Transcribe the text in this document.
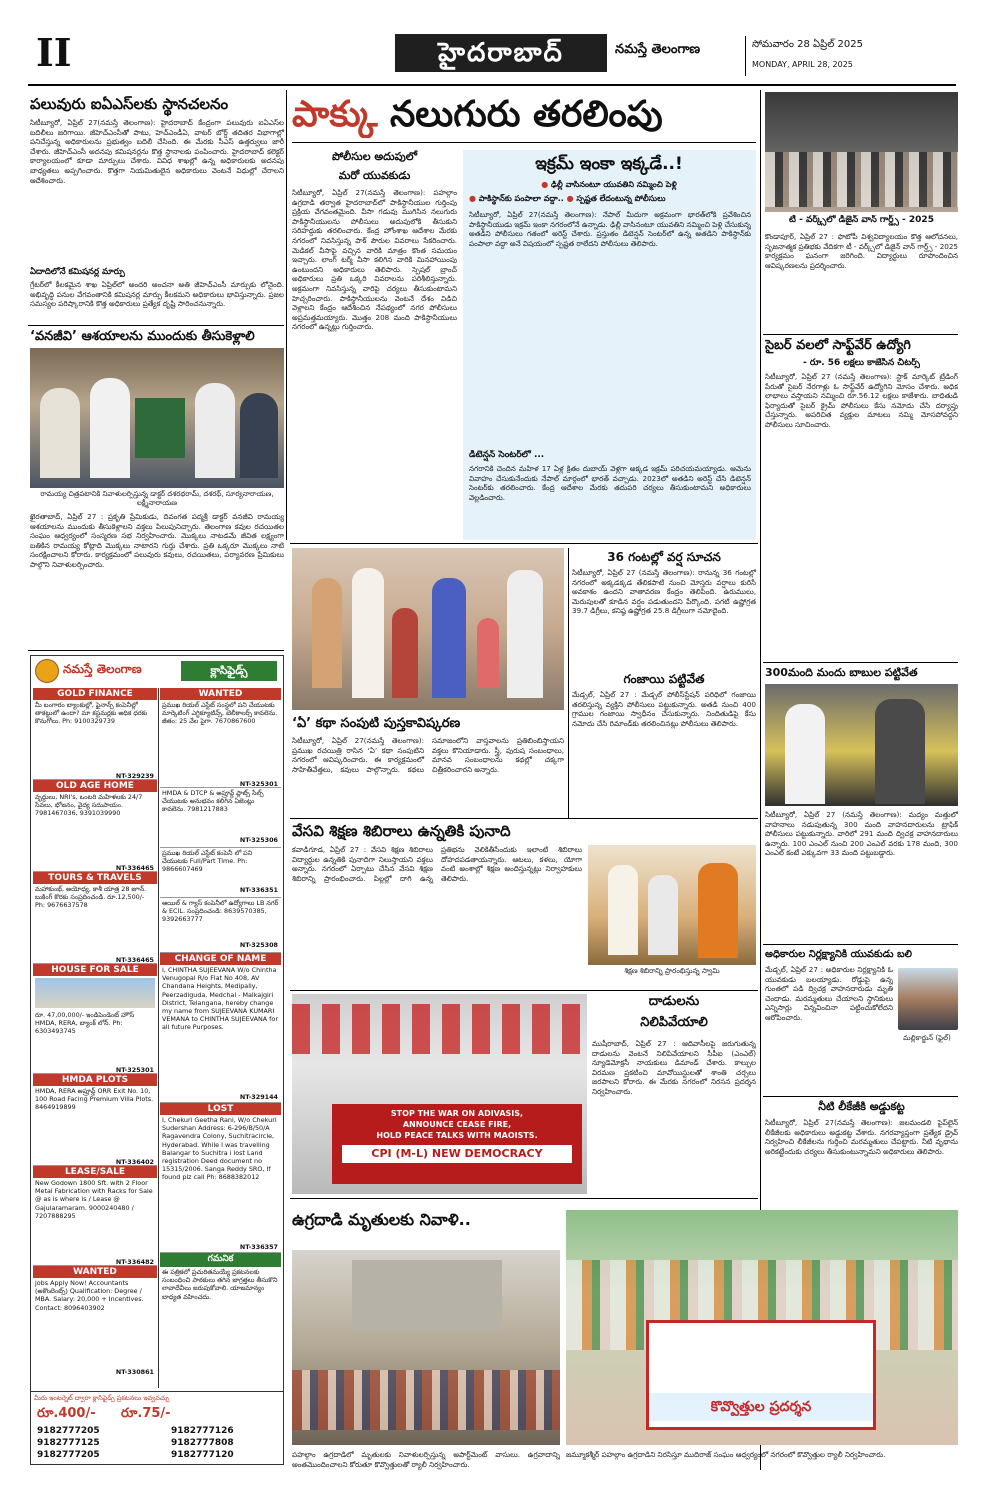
II	హైదరాబాద్	నమస్తే తెలంగాణ	సోమవారం 28 ఏప్రిల్ 2025
MONDAY, APRIL 28, 2025
పలువురు ఐఏఎస్‌లకు స్థానచలనం
సిటీబ్యూరో, ఏప్రిల్ 27(నమస్తే తెలంగాణ): హైదరాబాద్ కేంద్రంగా పలువురు ఐఏఎస్‌ల బదిలీలు జరిగాయి. జీహెచ్‌ఎంసీతో పాటు, హెచ్ఎండీఏ, వాటర్ బోర్డ్ తదితర విభాగాల్లో పనిచేస్తున్న అధికారులను ప్రభుత్వం బదిలీ చేసింది. ఈ మేరకు సీఎస్ ఉత్తర్వులు జారీ చేశారు. జీహెచ్‌ఎంసీ అదనపు కమిషనర్లను కొత్త స్థానాలకు పంపించారు. హైదరాబాద్ కలెక్టర్ కార్యాలయంలో కూడా మార్పులు చేశారు. వివిధ శాఖల్లో ఉన్న అధికారులకు అదనపు బాధ్యతలు అప్పగించారు. కొత్తగా నియమితులైన అధికారులు వెంటనే విధుల్లో చేరాలని ఆదేశించారు.
ఏదాదిలోనే కమిషనర్ల మార్పు
గ్రేటర్‌లో కీలకమైన శాఖ ఏప్రిల్‌లో అందరి అంచనా అతి జీహెచ్‌ఎంసీ మార్పుకు లోనైంది. అభివృద్ధి పనుల వేగవంతానికి కమిషనర్ల మార్పు కీలకమని అధికారులు భావిస్తున్నారు. ప్రజల సమస్యల పరిష్కారానికి కొత్త అధికారులు ప్రత్యేక దృష్టి సారించనున్నారు.
‘వనజీవి’ ఆశయాలను ముందుకు తీసుకెళ్లాలి
రామయ్య చిత్రపటానికి నివాళులర్పిస్తున్న డాక్టర్ దశరథరామ్, దశరథ్, సూర్యనారాయణ, లక్ష్మీనారాయణ
ఖైరతాబాద్, ఏప్రిల్ 27 : ప్రకృతి ప్రేమికుడు, దివంగత పద్మశ్రీ డాక్టర్ వనజీవి రామయ్య ఆశయాలను ముందుకు తీసుకెళ్లాలని వక్తలు పిలుపునిచ్చారు. తెలంగాణ కవుల రచయితల సంఘం ఆధ్వర్యంలో సంస్మరణ సభ నిర్వహించారు. మొక్కలు నాటడమే జీవిత లక్ష్యంగా బతికిన రామయ్య కోట్లాది మొక్కలు నాటారని గుర్తు చేశారు. ప్రతి ఒక్కరూ మొక్కలు నాటి సంరక్షించాలని కోరారు. కార్యక్రమంలో పలువురు కవులు, రచయితలు, పర్యావరణ ప్రేమికులు పాల్గొని నివాళులర్పించారు.
నమస్తే తెలంగాణ	క్లాసిఫైడ్స్
GOLD FINANCE
మీ బంగారం బ్యాంకుల్లో, ఫైనాన్స్ కంపెనీల్లో తాకట్టులో ఉందా? మా కస్టమర్లకు అధిక ధరకు కొనుగోలు. Ph: 9100329739
NT-329239
OLD AGE HOME
వృద్ధులు, NRI's, ఒంటరి మహిళలకు 24/7 సేవలు, భోజనం, వైద్య సదుపాయం. 7981467036, 9391039990
NT-336465
TOURS & TRAVELS
మహాకుంభ్, అయోధ్య, కాశీ యాత్ర 28 జూన్. బుకింగ్ కొరకు సంప్రదించండి. రూ.12,500/- Ph: 9676637578
NT-336465
HOUSE FOR SALE
రూ. 47,00,000/- ఇండిపెండెంట్ హౌస్ HMDA, RERA, బ్యాంక్ లోన్. Ph: 6303493745
NT-325301
HMDA PLOTS
HMDA, RERA అప్రూవ్డ్ ORR Exit No. 10, 100 Road Facing Premium Villa Plots. 8464919899
NT-336402
LEASE/SALE
New Godown 1800 Sft. with 2 Floor Metal Fabrication with Racks for Sale @ as is where is / Lease @ Gajularamaram. 9000240480 / 7207888295
NT-336482
WANTED
jobs Apply Now! Accountants (అకౌంటెంట్స్) Qualification: Degree / MBA. Salary: 20,000 + Incentives. Contact: 8096403902
NT-330861
WANTED
ప్రముఖ రియల్ ఎస్టేట్ సంస్థలో పని చేయుటకు మార్కెటింగ్ ఎగ్జిక్యూటివ్స్, టెలీకాలర్స్ కావలెను. జీతం: 25 వేల పైగా. 7670867600
NT-325301
HMDA & DTCP & అప్రూవ్డ్ ప్లాట్స్ సేల్స్ చేయుటకు అనుభవం కలిగిన ఏజెంట్లు కావలెను. 7981217883
NT-325306
ప్రముఖ రియల్ ఎస్టేట్ కంపెనీ లో పని చేయుటకు Full/Part Time. Ph: 9866607469
NT-336351
ఆయిల్ & గ్యాస్ కంపెనీలో ఉద్యోగాలు LB నగర్ & ECIL. సంప్రదించండి: 8639570385, 9392663777
NT-325308
CHANGE OF NAME
I, CHINTHA SUJEEVANA W/o Chintha Venugopal R/o Flat No 408, AV Chandana Heights, Medipally, Peerzadiguda, Medchal - Malkajgiri District, Telangana, hereby change my name from SUJEEVANA KUMARI VEMANA to CHINTHA SUJEEVANA for all future Purposes.
NT-329144
LOST
I, Chekuri Geetha Rani, W/o Chekuri Sudershan Address: 6-296/B/50/A Ragavendra Colony, Suchitracircle, Hyderabad. While I was travelling Balangar to Suchitra i lost Land registration Deed document no 15315/2006. Sanga Reddy SRO, If found plz call Ph: 8688382012
NT-336357
గమనిక
ఈ పత్రికలో ప్రచురితమయ్యే ప్రకటనలకు సంబంధించి పాఠకులు తగిన జాగ్రత్తలు తీసుకొని లావాదేవీలు జరుపుకోవాలి. యాజమాన్యం బాధ్యత వహించదు.
మీరు ఇంటర్నెట్ ద్వారా క్లాసిఫైడ్స్ ప్రకటనలు ఇవ్వవచ్చు
రూ.400/- రూ.75/-
9182777205	9182777126
9182777125	9182777808
9182777205	9182777120
పాక్కు నలుగురు తరలింపు
పోలీసుల అదుపులో
మరో యువకుడు
సిటీబ్యూరో, ఏప్రిల్ 27(నమస్తే తెలంగాణ): పహల్గాం ఉగ్రదాడి తర్వాత హైదరాబాద్‌లో పాకిస్థానీయుల గుర్తింపు ప్రక్రియ వేగవంతమైంది. వీసా గడువు ముగిసిన నలుగురు పాకిస్థానీయులను పోలీసులు అదుపులోకి తీసుకుని సరిహద్దుకు తరలించారు. కేంద్ర హోంశాఖ ఆదేశాల మేరకు నగరంలో నివసిస్తున్న పాక్ పౌరుల వివరాలు సేకరించారు. మెడికల్ వీసాపై వచ్చిన వారికి మాత్రం కొంత సమయం ఇచ్చారు. లాంగ్ టర్మ్ వీసా కలిగిన వారికి మినహాయింపు ఉంటుందని అధికారులు తెలిపారు. స్పెషల్ బ్రాంచ్ అధికారులు ప్రతి ఒక్కరి వివరాలను పరిశీలిస్తున్నారు. అక్రమంగా నివసిస్తున్న వారిపై చర్యలు తీసుకుంటామని హెచ్చరించారు. పాకిస్థానీయులను వెంటనే దేశం విడిచి వెళ్లాలని కేంద్రం ఆదేశించిన నేపథ్యంలో నగర పోలీసులు అప్రమత్తమయ్యారు. మొత్తం 208 మంది పాకిస్థానీయులు నగరంలో ఉన్నట్లు గుర్తించారు.
ఇక్రమ్ ఇంకా ఇక్కడే..!
● ఢిల్లీ వాసినంటూ యువతిని నమ్మించి పెళ్లి
● పాకిస్థాన్‌కు పంపాలా వద్దా.. ● స్పష్టత లేదంటున్న పోలీసులు
సిటీబ్యూరో, ఏప్రిల్ 27(నమస్తే తెలంగాణ): నేపాల్ మీదుగా అక్రమంగా భారత్‌లోకి ప్రవేశించిన పాకిస్థానీయుడు ఇక్రమ్ ఇంకా నగరంలోనే ఉన్నాడు. ఢిల్లీ వాసినంటూ యువతిని నమ్మించి పెళ్లి చేసుకున్న అతడిని పోలీసులు గతంలో అరెస్ట్ చేశారు. ప్రస్తుతం డిటెన్షన్ సెంటర్‌లో ఉన్న అతడిని పాకిస్థాన్‌కు పంపాలా వద్దా అనే విషయంలో స్పష్టత రాలేదని పోలీసులు తెలిపారు.
డిటెన్షన్ సెంటర్‌లో ...
నగరానికి చెందిన మహిళ 17 ఏళ్ల క్రితం దుబాయ్ వెళ్లగా అక్కడ ఇక్రమ్ పరిచయమయ్యాడు. ఆమెను వివాహం చేసుకునేందుకు నేపాల్ మార్గంలో భారత్ వచ్చాడు. 2023లో అతడిని అరెస్ట్ చేసి డిటెన్షన్ సెంటర్‌కు తరలించారు. కేంద్ర ఆదేశాల మేరకు తదుపరి చర్యలు తీసుకుంటామని అధికారులు వెల్లడించారు.
‘ఏ’ కథా సంపుటి పుస్తకావిష్కరణ
సిటీబ్యూరో, ఏప్రిల్ 27(నమస్తే తెలంగాణ): ప్రముఖ రచయిత్రి రాసిన ‘ఏ’ కథా సంపుటిని నగరంలో ఆవిష్కరించారు. ఈ కార్యక్రమంలో సాహితీవేత్తలు, కవులు పాల్గొన్నారు. కథలు సమాజంలోని వాస్తవాలను ప్రతిబింబిస్తాయని వక్తలు కొనియాడారు. స్త్రీ, పురుష సంబంధాలు, మానవ సంబంధాలను కథల్లో చక్కగా చిత్రీకరించారని అన్నారు.
36 గంటల్లో వర్ష సూచన
సిటీబ్యూరో, ఏప్రిల్ 27 (నమస్తే తెలంగాణ): రానున్న 36 గంటల్లో నగరంలో అక్కడక్కడ తేలికపాటి నుంచి మోస్తరు వర్షాలు కురిసే అవకాశం ఉందని వాతావరణ కేంద్రం తెలిపింది. ఉరుములు, మెరుపులతో కూడిన వర్షం పడుతుందని పేర్కొంది. పగటి ఉష్ణోగ్రత 39.7 డిగ్రీలు, కనిష్ఠ ఉష్ణోగ్రత 25.8 డిగ్రీలుగా నమోదైంది.
గంజాయి పట్టివేత
మేడ్చల్, ఏప్రిల్ 27 : మేడ్చల్ పోలీస్‌స్టేషన్ పరిధిలో గంజాయి తరలిస్తున్న వ్యక్తిని పోలీసులు పట్టుకున్నారు. అతడి నుంచి 400 గ్రాముల గంజాయి స్వాధీనం చేసుకున్నారు. నిందితుడిపై కేసు నమోదు చేసి రిమాండ్‌కు తరలించినట్లు పోలీసులు తెలిపారు.
వేసవి శిక్షణ శిబిరాలు ఉన్నతికి పునాది
కవాడిగూడ, ఏప్రిల్ 27 : వేసవి శిక్షణ శిబిరాలు విద్యార్థుల ఉన్నతికి పునాదిగా నిలుస్తాయని వక్తలు అన్నారు. నగరంలో ఏర్పాటు చేసిన వేసవి శిక్షణ శిబిరాన్ని ప్రారంభించారు. పిల్లల్లో దాగి ఉన్న ప్రతిభను వెలికితీసేందుకు ఇలాంటి శిబిరాలు దోహదపడతాయన్నారు. ఆటలు, కళలు, యోగా వంటి అంశాల్లో శిక్షణ అందిస్తున్నట్లు నిర్వాహకులు తెలిపారు.
శిక్షణ శిబిరాన్ని ప్రారంభిస్తున్న స్వామి
STOP THE WAR ON ADIVASIS,
ANNOUNCE CEASE FIRE,
HOLD PEACE TALKS WITH MAOISTS.
CPI (M-L) NEW DEMOCRACY
దాడులను
నిలిపివేయాలి
ముషీరాబాద్, ఏప్రిల్ 27 : ఆదివాసీలపై జరుగుతున్న దాడులను వెంటనే నిలిపివేయాలని సీపీఐ (ఎంఎల్) న్యూడెమోక్రసీ నాయకులు డిమాండ్ చేశారు. కాల్పుల విరమణ ప్రకటించి మావోయిస్టులతో శాంతి చర్చలు జరపాలని కోరారు. ఈ మేరకు నగరంలో నిరసన ప్రదర్శన నిర్వహించారు.
ఉగ్రదాడి మృతులకు నివాళి..
కొవ్వొత్తుల ప్రదర్శన
పహల్గాం ఉగ్రదాడిలో మృతులకు నివాళులర్పిస్తున్న అపార్ట్‌మెంట్ వాసులు. ఉగ్రవాదాన్ని అంతమొందించాలని కోరుతూ కొవ్వొత్తులతో ర్యాలీ నిర్వహించారు.
జమ్మూకశ్మీర్ పహల్గాం ఉగ్రదాడిని నిరసిస్తూ ముదిరాజ్ సంఘం ఆధ్వర్యంలో నగరంలో కొవ్వొత్తుల ర్యాలీ నిర్వహించారు.
టీ - వర్క్స్‌లో డిజైన్ వాన్ గార్డ్స్ - 2025
కొండాపూర్, ఏప్రిల్ 27 : ఫొటోపీ విశ్వవిద్యాలయం కొత్త ఆలోచనలు, సృజనాత్మక ప్రతిభకు వేదికగా టీ - వర్క్స్‌లో డిజైన్ వాన్ గార్డ్స్ - 2025 కార్యక్రమం ఘనంగా జరిగింది. విద్యార్థులు రూపొందించిన ఆవిష్కరణలను ప్రదర్శించారు.
సైబర్ వలలో సాఫ్ట్‌వేర్ ఉద్యోగి
- రూ. 56 లక్షలు కాజేసిన చీటర్స్
సిటీబ్యూరో, ఏప్రిల్ 27 (నమస్తే తెలంగాణ): స్టాక్ మార్కెట్ ట్రేడింగ్ పేరుతో సైబర్ నేరగాళ్లు ఓ సాఫ్ట్‌వేర్ ఉద్యోగిని మోసం చేశారు. అధిక లాభాలు వస్తాయని నమ్మించి రూ.56.12 లక్షలు కాజేశారు. బాధితుడి ఫిర్యాదుతో సైబర్ క్రైమ్ పోలీసులు కేసు నమోదు చేసి దర్యాప్తు చేస్తున్నారు. అపరిచిత వ్యక్తుల మాటలు నమ్మి మోసపోవద్దని పోలీసులు సూచించారు.
300మంది మందు బాబుల పట్టివేత
సిటీబ్యూరో, ఏప్రిల్ 27 (నమస్తే తెలంగాణ): మద్యం మత్తులో వాహనాలు నడుపుతున్న 300 మంది వాహనదారులను ట్రాఫిక్ పోలీసులు పట్టుకున్నారు. వారిలో 291 మంది ద్విచక్ర వాహనదారులు ఉన్నారు. 100 ఎంఎల్ నుంచి 200 ఎంఎల్ వరకు 178 మంది, 300 ఎంఎల్ కంటే ఎక్కువగా 33 మంది పట్టుబడ్డారు.
అధికారుల నిర్లక్ష్యానికి యువకుడు బలి
మేడ్చల్, ఏప్రిల్ 27 : అధికారుల నిర్లక్ష్యానికి ఓ యువకుడు బలయ్యాడు. రోడ్డుపై ఉన్న గుంతలో పడి ద్విచక్ర వాహనదారుడు మృతి చెందాడు. మరమ్మతులు చేయాలని స్థానికులు ఎన్నిసార్లు విన్నవించినా పట్టించుకోలేదని ఆరోపించారు.
మల్లికార్జున్ (ఫైల్)
నీటి లీకేజీకి అడ్డుకట్ట
సిటీబ్యూరో, ఏప్రిల్ 27(నమస్తే తెలంగాణ): జలమండలి పైప్‌లైన్ లీకేజీలకు అధికారులు అడ్డుకట్ట వేశారు. నగరవ్యాప్తంగా ప్రత్యేక డ్రైవ్ నిర్వహించి లీకేజీలను గుర్తించి మరమ్మతులు చేపట్టారు. నీటి వృథాను అరికట్టేందుకు చర్యలు తీసుకుంటున్నామని అధికారులు తెలిపారు.
